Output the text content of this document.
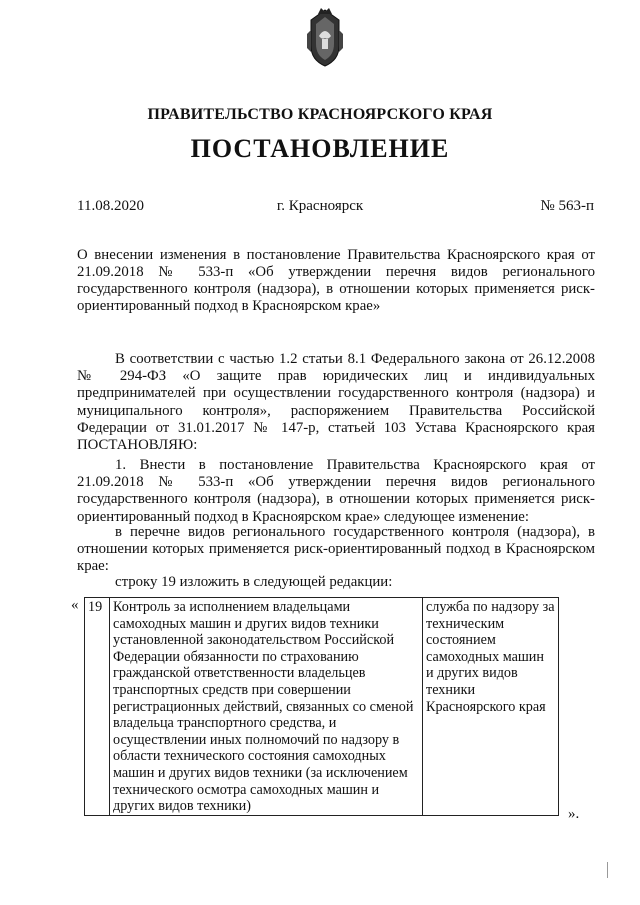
ПРАВИТЕЛЬСТВО КРАСНОЯРСКОГО КРАЯ
ПОСТАНОВЛЕНИЕ
11.08.2020	г. Красноярск	№ 563-п
О внесении изменения в постановление Правительства Красноярского края от 21.09.2018 № 533-п «Об утверждении перечня видов регионального государственного контроля (надзора), в отношении которых применяется риск-ориентированный подход в Красноярском крае»
В соответствии с частью 1.2 статьи 8.1 Федерального закона от 26.12.2008 № 294-ФЗ «О защите прав юридических лиц и индивидуальных предпринимателей при осуществлении государственного контроля (надзора) и муниципального контроля», распоряжением Правительства Российской Федерации от 31.01.2017 № 147-р, статьей 103 Устава Красноярского края ПОСТАНОВЛЯЮ:
1. Внести в постановление Правительства Красноярского края от 21.09.2018 № 533-п «Об утверждении перечня видов регионального государственного контроля (надзора), в отношении которых применяется риск-ориентированный подход в Красноярском крае» следующее изменение:
в перечне видов регионального государственного контроля (надзора), в отношении которых применяется риск-ориентированный подход в Красноярском крае:
строку 19 изложить в следующей редакции:
« 19	Контроль за исполнением владельцами самоходных машин и других видов техники установленной законодательством Российской Федерации обязанности по страхованию гражданской ответственности владельцев транспортных средств при совершении регистрационных действий, связанных со сменой владельца транспортного средства, и осуществлении иных полномочий по надзору в области технического состояния самоходных машин и других видов техники (за исключением технического осмотра самоходных машин и других видов техники)	служба по надзору за техническим состоянием самоходных машин и других видов техники Красноярского края
».
